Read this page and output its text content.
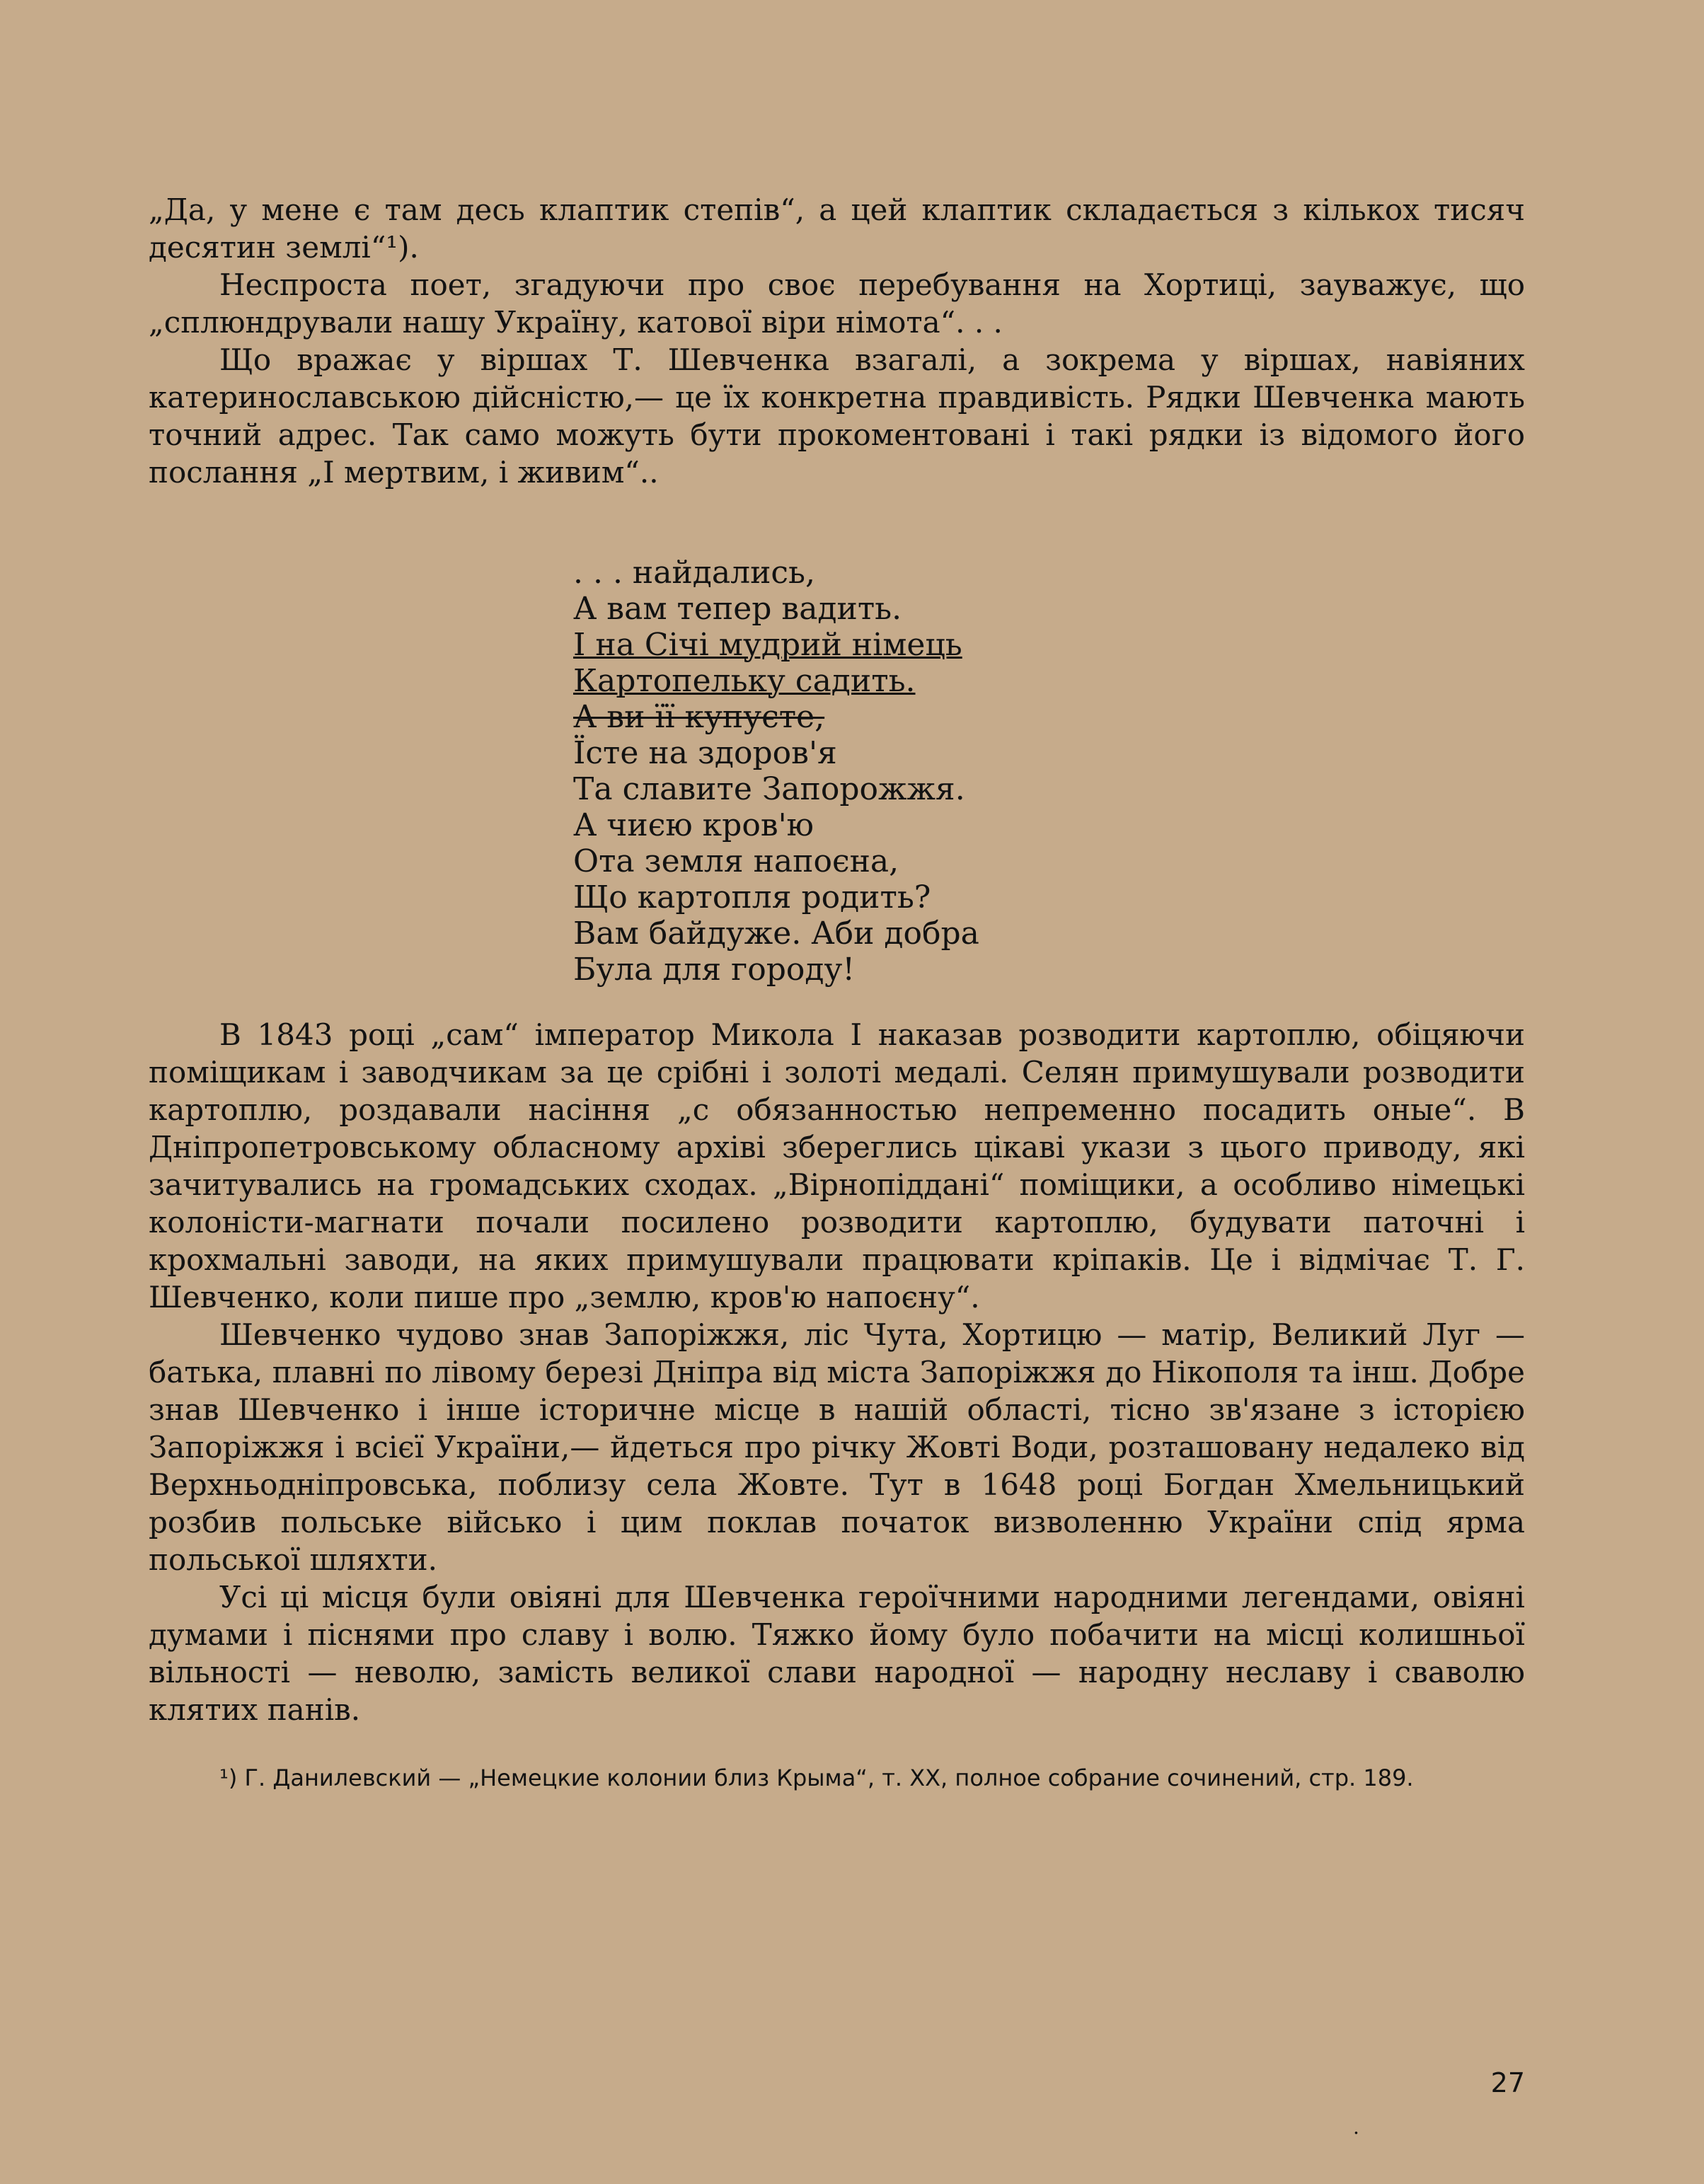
„Да, у мене є там десь клаптик степів“, а цей клаптик складається з кількох тисяч десятин землі“¹).

Неспроста поет, згадуючи про своє перебування на Хортиці, зауважує, що „сплюндрували нашу Україну, катової віри німота“. . .

Що вражає у віршах Т. Шевченка взагалі, а зокрема у віршах, навіяних катеринославською дійсністю,— це їх конкретна правдивість. Рядки Шевченка мають точний адрес. Так само можуть бути прокоментовані і такі рядки із відомого його послання „І мертвим, і живим“..

. . . найдались,
А вам тепер вадить.
І на Січі мудрий німець
Картопельку садить.
А ви її купуєте,
Їсте на здоров'я
Та славите Запорожжя.
А чиєю кров'ю
Ота земля напоєна,
Що картопля родить?
Вам байдуже. Аби добра
Була для городу!

В 1843 році „сам“ імператор Микола І наказав розводити картоплю, обіцяючи поміщикам і заводчикам за це срібні і золоті медалі. Селян примушували розводити картоплю, роздавали насіння „с обязанностью непременно посадить оные“. В Дніпропетровському обласному архіві збереглись цікаві укази з цього приводу, які зачитувались на громадських сходах. „Вірнопіддані“ поміщики, а особливо німецькі колоністи-магнати почали посилено розводити картоплю, будувати паточні і крохмальні заводи, на яких примушували працювати кріпаків. Це і відмічає Т. Г. Шевченко, коли пише про „землю, кров'ю напоєну“.

Шевченко чудово знав Запоріжжя, ліс Чута, Хортицю — матір, Великий Луг — батька, плавні по лівому березі Дніпра від міста Запоріжжя до Нікополя та інш. Добре знав Шевченко і інше історичне місце в нашій області, тісно зв'язане з історією Запоріжжя і всієї України,— йдеться про річку Жовті Води, розташовану недалеко від Верхньодніпровська, поблизу села Жовте. Тут в 1648 році Богдан Хмельницький розбив польське військо і цим поклав початок визволенню України спід ярма польської шляхти.

Усі ці місця були овіяні для Шевченка героїчними народними легендами, овіяні думами і піснями про славу і волю. Тяжко йому було побачити на місці колишньої вільності — неволю, замість великої слави народної — народну неславу і сваволю клятих панів.

¹) Г. Данилевский — „Немецкие колонии близ Крыма“, т. XX, полное собрание сочинений, стр. 189.

27
.
